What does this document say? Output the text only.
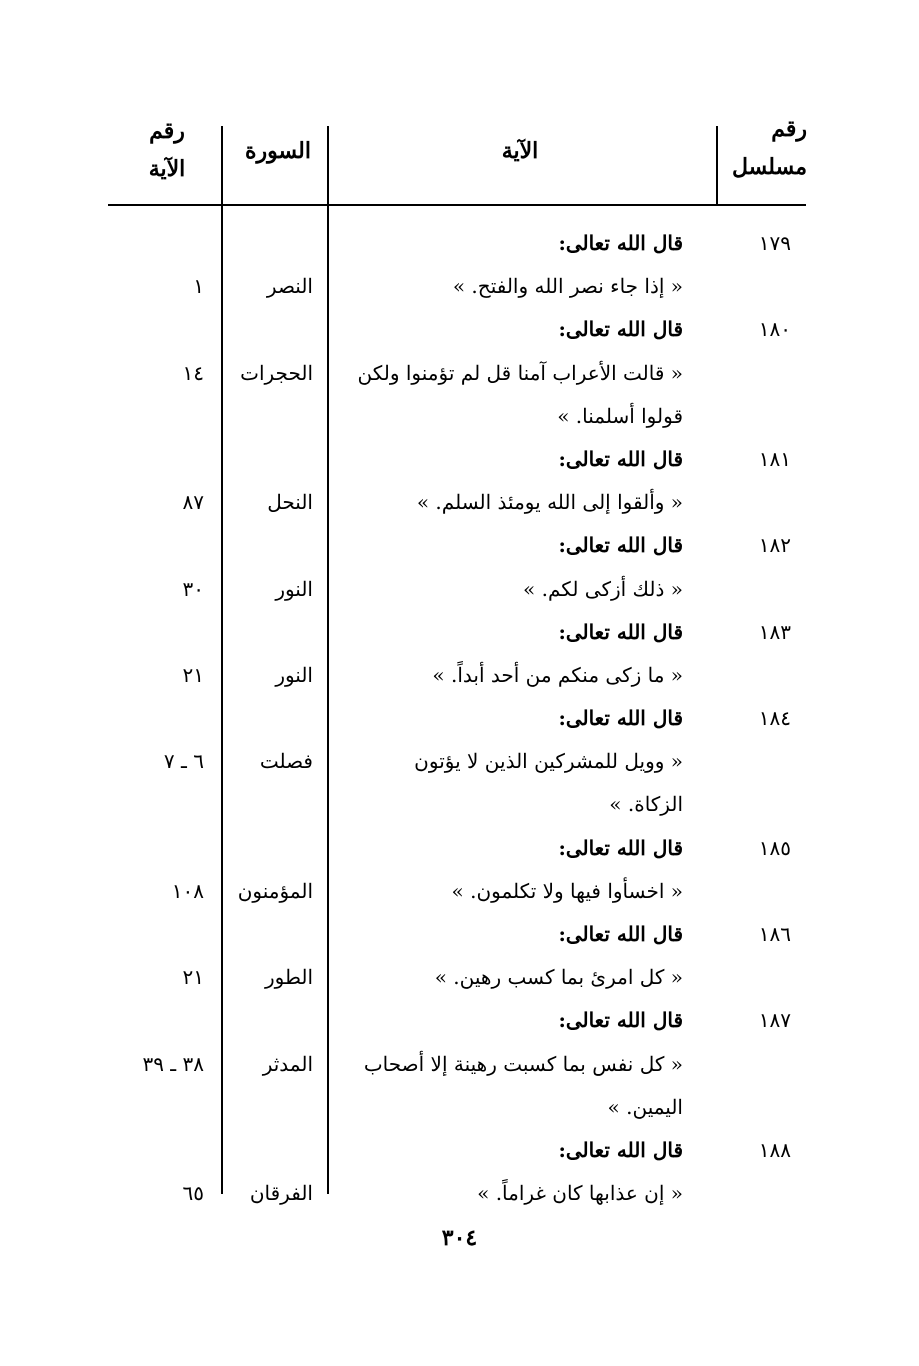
رقم مسلسل
الآية
السورة
رقم الآية
١٧٩
قال الله تعالى:
« إذا جاء نصر الله والفتح. »
النصر
١
١٨٠
قال الله تعالى:
« قالت الأعراب آمنا قل لم تؤمنوا ولكن
الحجرات
١٤
قولوا أسلمنا. »
١٨١
قال الله تعالى:
« وألقوا إلى الله يومئذ السلم. »
النحل
٨٧
١٨٢
قال الله تعالى:
« ذلك أزكى لكم. »
النور
٣٠
١٨٣
قال الله تعالى:
« ما زكى منكم من أحد أبداً. »
النور
٢١
١٨٤
قال الله تعالى:
« وويل للمشركين الذين لا يؤتون
فصلت
٦ ـ ٧
الزكاة. »
١٨٥
قال الله تعالى:
« اخسأوا فيها ولا تكلمون. »
المؤمنون
١٠٨
١٨٦
قال الله تعالى:
« كل امرئ بما كسب رهين. »
الطور
٢١
١٨٧
قال الله تعالى:
« كل نفس بما كسبت رهينة إلا أصحاب
المدثر
٣٨ ـ ٣٩
اليمين. »
١٨٨
قال الله تعالى:
« إن عذابها كان غراماً. »
الفرقان
٦٥
٣٠٤
